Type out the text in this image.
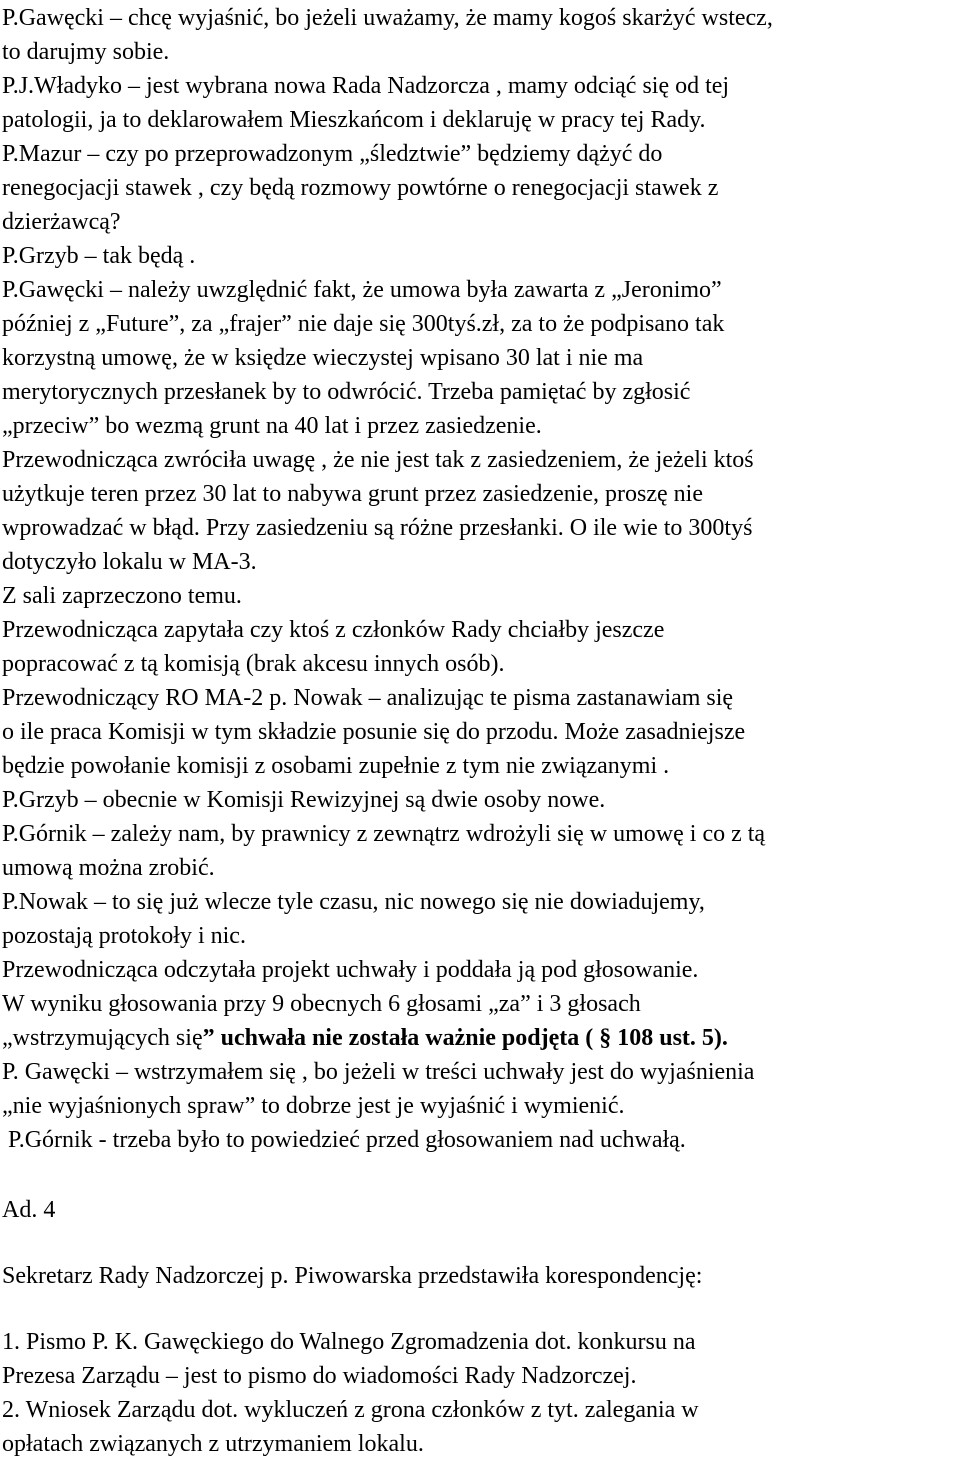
P.Gawęcki – chcę wyjaśnić, bo jeżeli uważamy, że mamy kogoś skarżyć wstecz,
to darujmy sobie.
P.J.Władyko – jest wybrana nowa Rada Nadzorcza , mamy odciąć się od tej
patologii, ja to deklarowałem Mieszkańcom i deklaruję w pracy tej Rady.
P.Mazur – czy po przeprowadzonym „śledztwie” będziemy dążyć do
renegocjacji stawek , czy będą rozmowy powtórne o renegocjacji stawek z
dzierżawcą?
P.Grzyb – tak będą .
P.Gawęcki – należy uwzględnić fakt, że umowa była zawarta z „Jeronimo”
później z „Future”, za „frajer” nie daje się 300tyś.zł, za to że podpisano tak
korzystną umowę, że w księdze wieczystej wpisano 30 lat i nie ma
merytorycznych przesłanek by to odwrócić. Trzeba pamiętać by zgłosić
„przeciw” bo wezmą grunt na 40 lat i przez zasiedzenie.
Przewodnicząca zwróciła uwagę , że nie jest tak z zasiedzeniem, że jeżeli ktoś
użytkuje teren przez 30 lat to nabywa grunt przez zasiedzenie, proszę nie
wprowadzać w błąd. Przy zasiedzeniu są różne przesłanki. O ile wie to 300tyś
dotyczyło lokalu w MA-3.
Z sali zaprzeczono temu.
Przewodnicząca zapytała czy ktoś z członków Rady chciałby jeszcze
popracować z tą komisją (brak akcesu innych osób).
Przewodniczący RO MA-2 p. Nowak – analizując te pisma zastanawiam się
o ile praca Komisji w tym składzie posunie się do przodu. Może zasadniejsze
będzie powołanie komisji z osobami zupełnie z tym nie związanymi .
P.Grzyb – obecnie w Komisji Rewizyjnej są dwie osoby nowe.
P.Górnik – zależy nam, by prawnicy z zewnątrz wdrożyli się w umowę i co z tą
umową można zrobić.
P.Nowak – to się już wlecze tyle czasu, nic nowego się nie dowiadujemy,
pozostają protokoły i nic.
Przewodnicząca odczytała projekt uchwały i poddała ją pod głosowanie.
W wyniku głosowania przy 9 obecnych 6 głosami „za” i 3 głosach
„wstrzymujących się” uchwała nie została ważnie podjęta ( § 108 ust. 5).
P. Gawęcki – wstrzymałem się , bo jeżeli w treści uchwały jest do wyjaśnienia
„nie wyjaśnionych spraw” to dobrze jest je wyjaśnić i wymienić.
P.Górnik - trzeba było to powiedzieć przed głosowaniem nad uchwałą.
Ad. 4
Sekretarz Rady Nadzorczej p. Piwowarska przedstawiła korespondencję:
1. Pismo P. K. Gawęckiego do Walnego Zgromadzenia dot. konkursu na
Prezesa Zarządu – jest to pismo do wiadomości Rady Nadzorczej.
2. Wniosek Zarządu dot. wykluczeń z grona członków z tyt. zalegania w
opłatach związanych z utrzymaniem lokalu.
